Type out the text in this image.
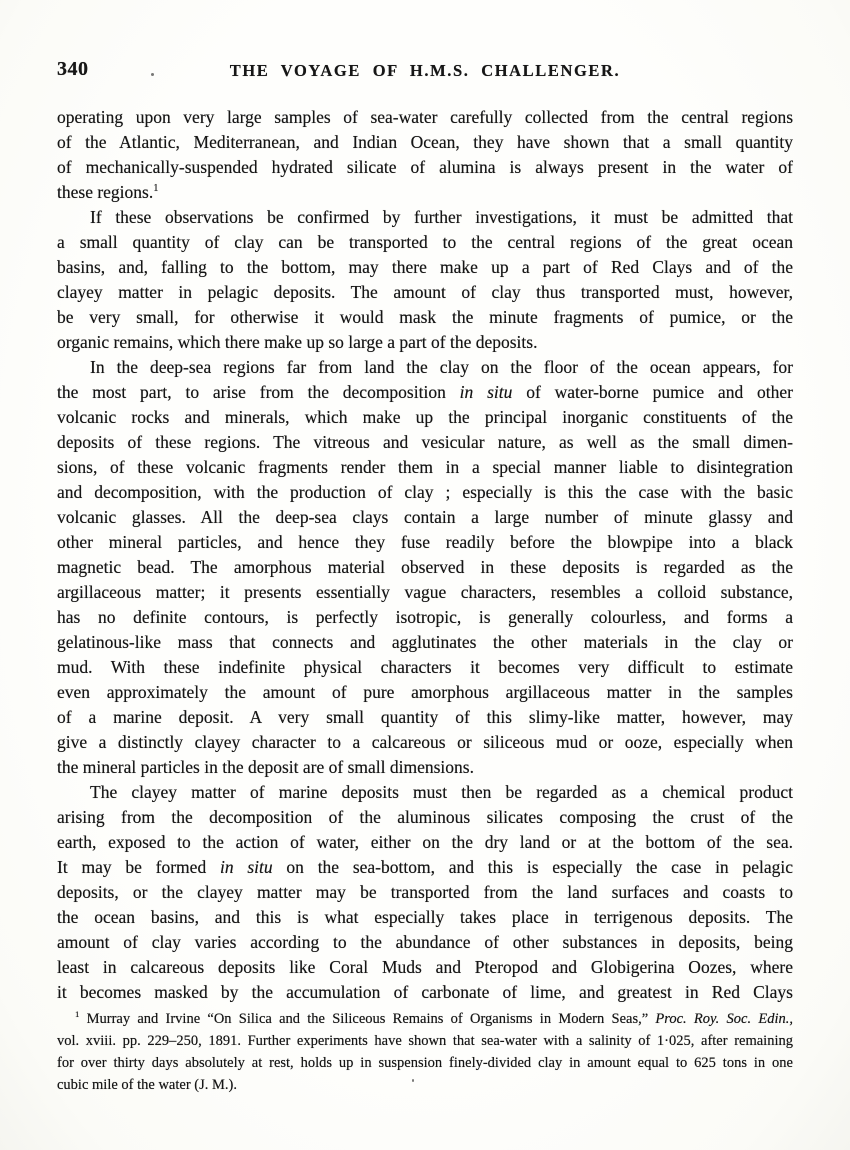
340	THE VOYAGE OF H.M.S. CHALLENGER.
operating upon very large samples of sea-water carefully collected from the central regions
of the Atlantic, Mediterranean, and Indian Ocean, they have shown that a small quantity
of mechanically-suspended hydrated silicate of alumina is always present in the water of
these regions.$^1$
If these observations be confirmed by further investigations, it must be admitted that
a small quantity of clay can be transported to the central regions of the great ocean
basins, and, falling to the bottom, may there make up a part of Red Clays and of the
clayey matter in pelagic deposits. The amount of clay thus transported must, however,
be very small, for otherwise it would mask the minute fragments of pumice, or the
organic remains, which there make up so large a part of the deposits.
In the deep-sea regions far from land the clay on the floor of the ocean appears, for
the most part, to arise from the decomposition in situ of water-borne pumice and other
volcanic rocks and minerals, which make up the principal inorganic constituents of the
deposits of these regions. The vitreous and vesicular nature, as well as the small dimen-
sions, of these volcanic fragments render them in a special manner liable to disintegration
and decomposition, with the production of clay ; especially is this the case with the basic
volcanic glasses. All the deep-sea clays contain a large number of minute glassy and
other mineral particles, and hence they fuse readily before the blowpipe into a black
magnetic bead. The amorphous material observed in these deposits is regarded as the
argillaceous matter; it presents essentially vague characters, resembles a colloid substance,
has no definite contours, is perfectly isotropic, is generally colourless, and forms a
gelatinous-like mass that connects and agglutinates the other materials in the clay or
mud. With these indefinite physical characters it becomes very difficult to estimate
even approximately the amount of pure amorphous argillaceous matter in the samples
of a marine deposit. A very small quantity of this slimy-like matter, however, may
give a distinctly clayey character to a calcareous or siliceous mud or ooze, especially when
the mineral particles in the deposit are of small dimensions.
The clayey matter of marine deposits must then be regarded as a chemical product
arising from the decomposition of the aluminous silicates composing the crust of the
earth, exposed to the action of water, either on the dry land or at the bottom of the sea.
It may be formed in situ on the sea-bottom, and this is especially the case in pelagic
deposits, or the clayey matter may be transported from the land surfaces and coasts to
the ocean basins, and this is what especially takes place in terrigenous deposits. The
amount of clay varies according to the abundance of other substances in deposits, being
least in calcareous deposits like Coral Muds and Pteropod and Globigerina Oozes, where
it becomes masked by the accumulation of carbonate of lime, and greatest in Red Clays
$^1$ Murray and Irvine “On Silica and the Siliceous Remains of Organisms in Modern Seas,” Proc. Roy. Soc. Edin.,
vol. xviii. pp. 229–250, 1891. Further experiments have shown that sea-water with a salinity of 1·025, after remaining
for over thirty days absolutely at rest, holds up in suspension finely-divided clay in amount equal to 625 tons in one
cubic mile of the water (J. M.).
